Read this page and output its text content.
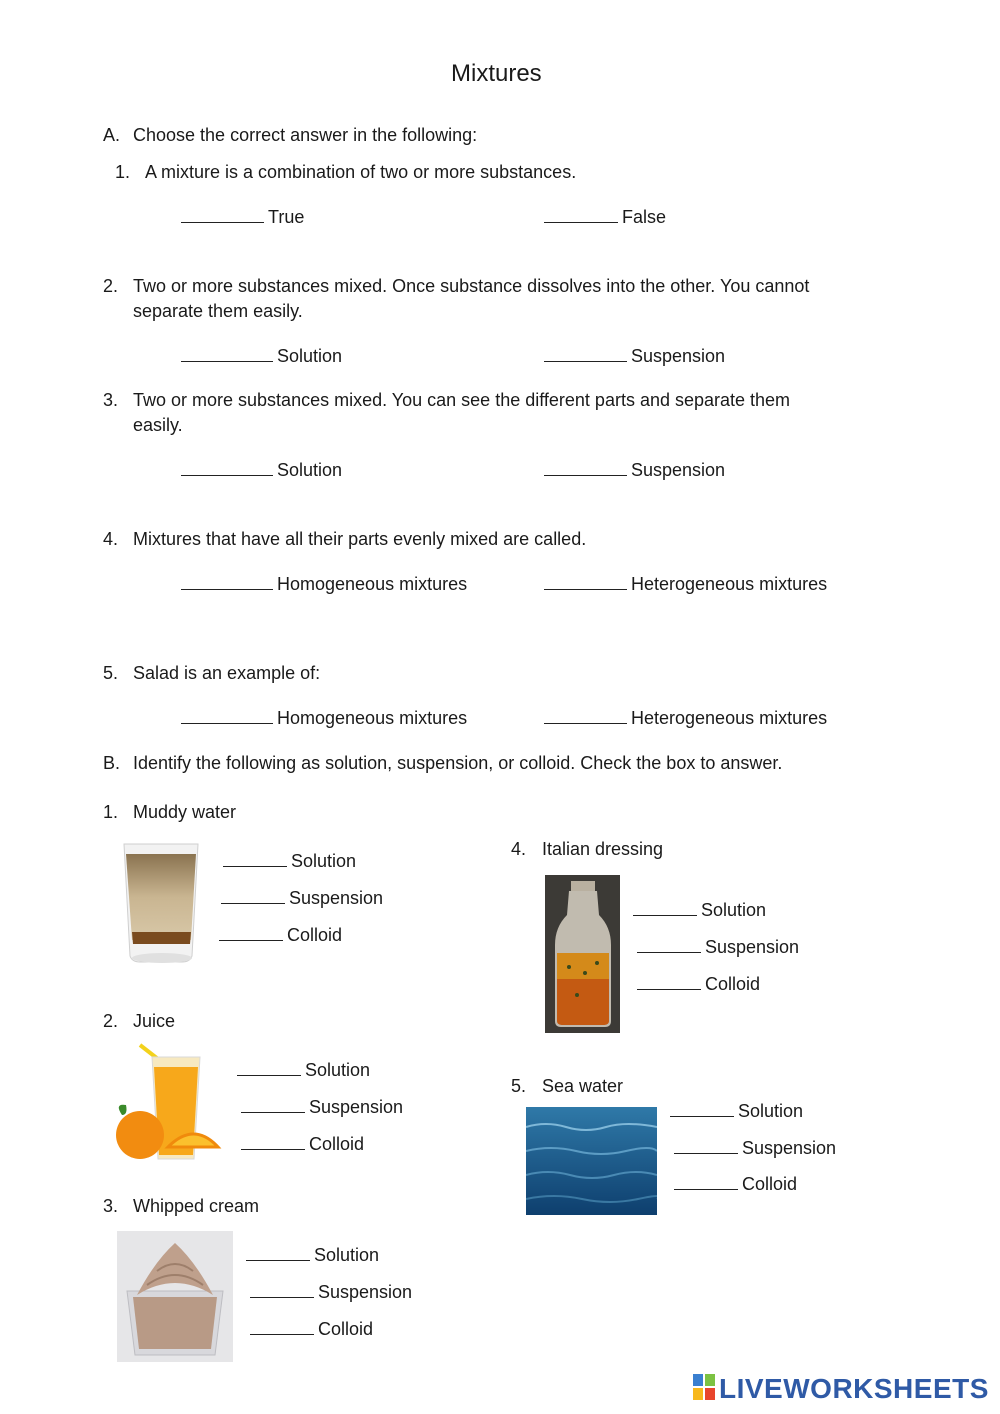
Mixtures
A. Choose the correct answer in the following:
1. A mixture is a combination of two or more substances.
True	False
2. Two or more substances mixed. Once substance dissolves into the other. You cannot
separate them easily.
Solution	Suspension
3. Two or more substances mixed. You can see the different parts and separate them
easily.
Solution	Suspension
4. Mixtures that have all their parts evenly mixed are called.
Homogeneous mixtures	Heterogeneous mixtures
5. Salad is an example of:
Homogeneous mixtures	Heterogeneous mixtures
B. Identify the following as solution, suspension, or colloid. Check the box to answer.
1. Muddy water
Solution
Suspension
Colloid
2. Juice
Solution
Suspension
Colloid
3. Whipped cream
Solution
Suspension
Colloid
4. Italian dressing
Solution
Suspension
Colloid
5. Sea water
Solution
Suspension
Colloid
LIVEWORKSHEETS
